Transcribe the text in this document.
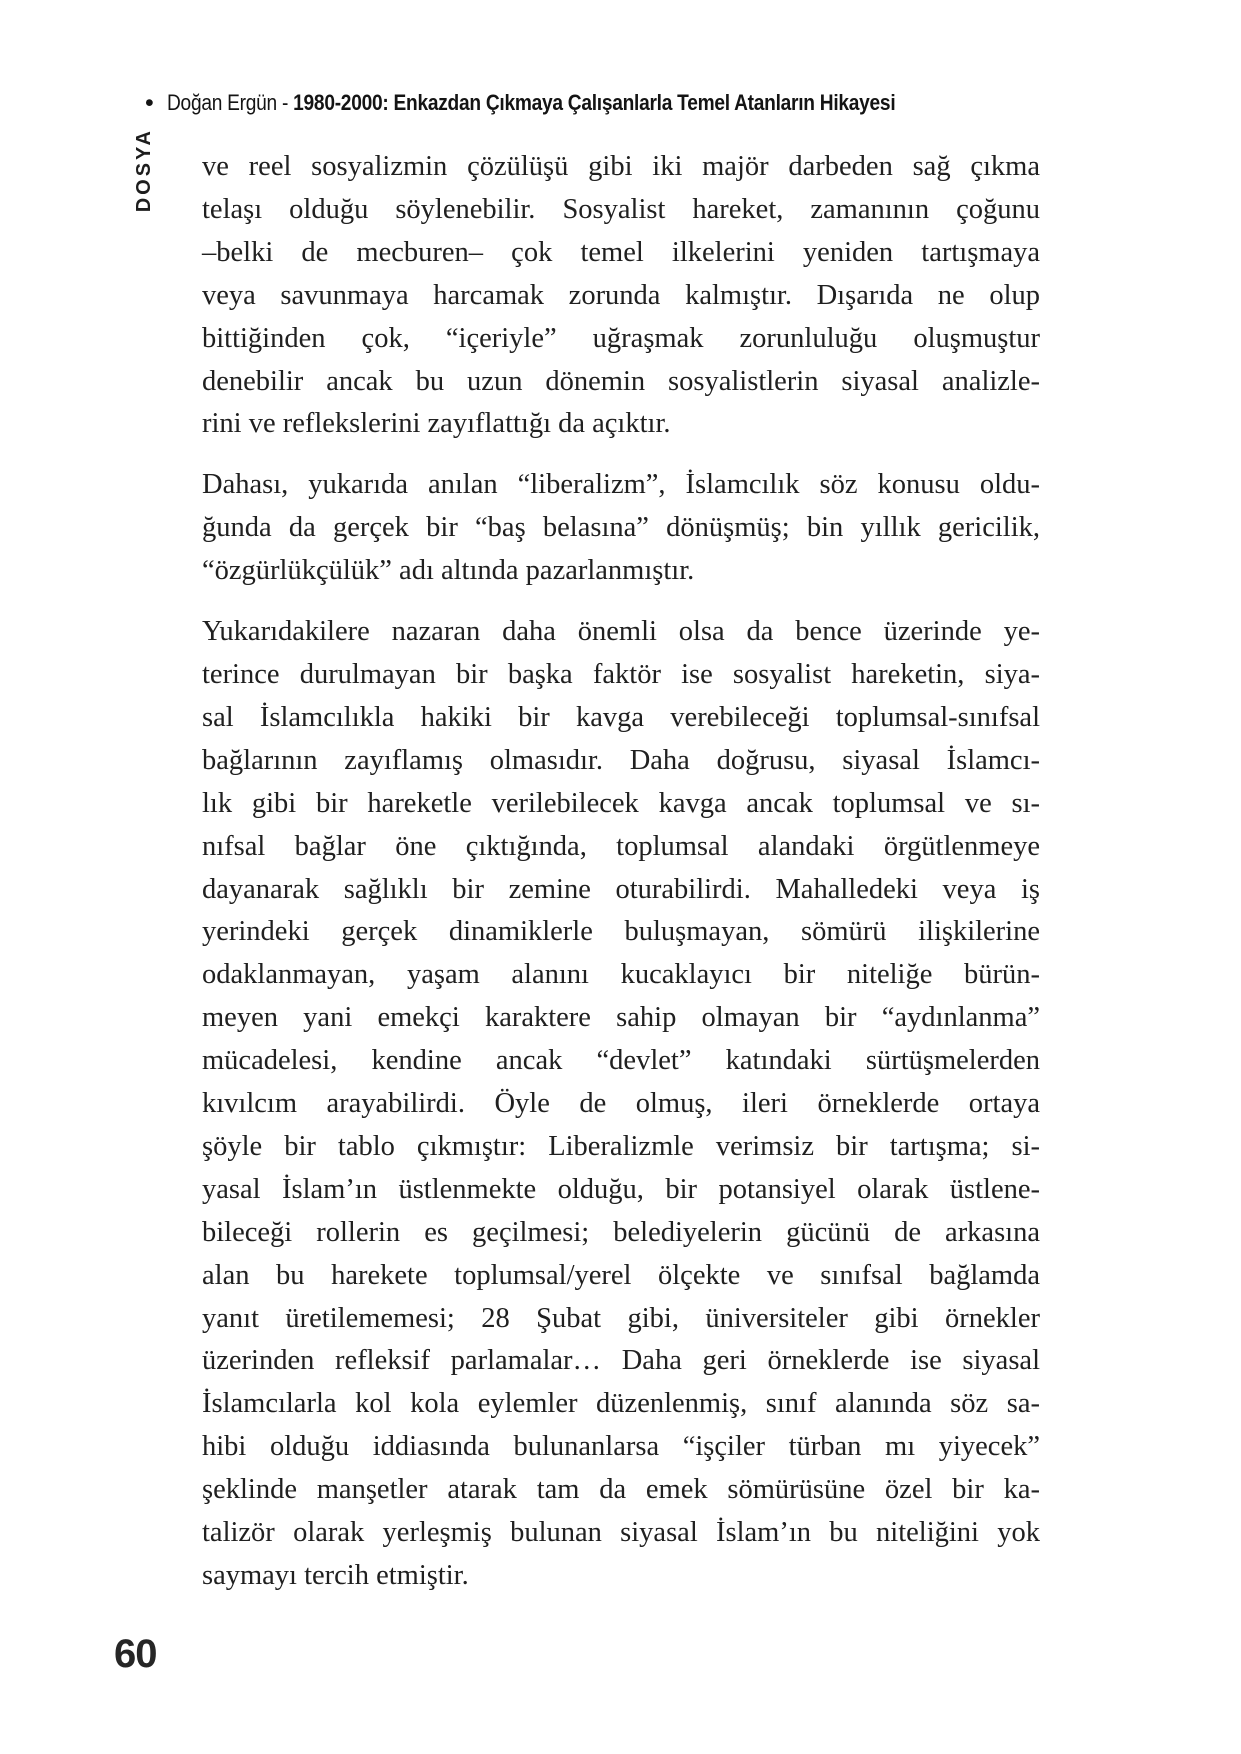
• Doğan Ergün - 1980-2000: Enkazdan Çıkmaya Çalışanlarla Temel Atanların Hikayesi
DOSYA ve reel sosyalizmin çözülüşü gibi iki majör darbeden sağ çıkma
telaşı olduğu söylenebilir. Sosyalist hareket, zamanının çoğunu
–belki de mecburen– çok temel ilkelerini yeniden tartışmaya
veya savunmaya harcamak zorunda kalmıştır. Dışarıda ne olup
bittiğinden çok, “içeriyle” uğraşmak zorunluluğu oluşmuştur
denebilir ancak bu uzun dönemin sosyalistlerin siyasal analizle-
rini ve reflekslerini zayıflattığı da açıktır.
Dahası, yukarıda anılan “liberalizm”, İslamcılık söz konusu oldu-
ğunda da gerçek bir “baş belasına” dönüşmüş; bin yıllık gericilik,
“özgürlükçülük” adı altında pazarlanmıştır.
Yukarıdakilere nazaran daha önemli olsa da bence üzerinde ye-
terince durulmayan bir başka faktör ise sosyalist hareketin, siya-
sal İslamcılıkla hakiki bir kavga verebileceği toplumsal-sınıfsal
bağlarının zayıflamış olmasıdır. Daha doğrusu, siyasal İslamcı-
lık gibi bir hareketle verilebilecek kavga ancak toplumsal ve sı-
nıfsal bağlar öne çıktığında, toplumsal alandaki örgütlenmeye
dayanarak sağlıklı bir zemine oturabilirdi. Mahalledeki veya iş
yerindeki gerçek dinamiklerle buluşmayan, sömürü ilişkilerine
odaklanmayan, yaşam alanını kucaklayıcı bir niteliğe bürün-
meyen yani emekçi karaktere sahip olmayan bir “aydınlanma”
mücadelesi, kendine ancak “devlet” katındaki sürtüşmelerden
kıvılcım arayabilirdi. Öyle de olmuş, ileri örneklerde ortaya
şöyle bir tablo çıkmıştır: Liberalizmle verimsiz bir tartışma; si-
yasal İslam’ın üstlenmekte olduğu, bir potansiyel olarak üstlene-
bileceği rollerin es geçilmesi; belediyelerin gücünü de arkasına
alan bu harekete toplumsal/yerel ölçekte ve sınıfsal bağlamda
yanıt üretilememesi; 28 Şubat gibi, üniversiteler gibi örnekler
üzerinden refleksif parlamalar… Daha geri örneklerde ise siyasal
İslamcılarla kol kola eylemler düzenlenmiş, sınıf alanında söz sa-
hibi olduğu iddiasında bulunanlarsa “işçiler türban mı yiyecek”
şeklinde manşetler atarak tam da emek sömürüsüne özel bir ka-
talizör olarak yerleşmiş bulunan siyasal İslam’ın bu niteliğini yok
saymayı tercih etmiştir.
60
